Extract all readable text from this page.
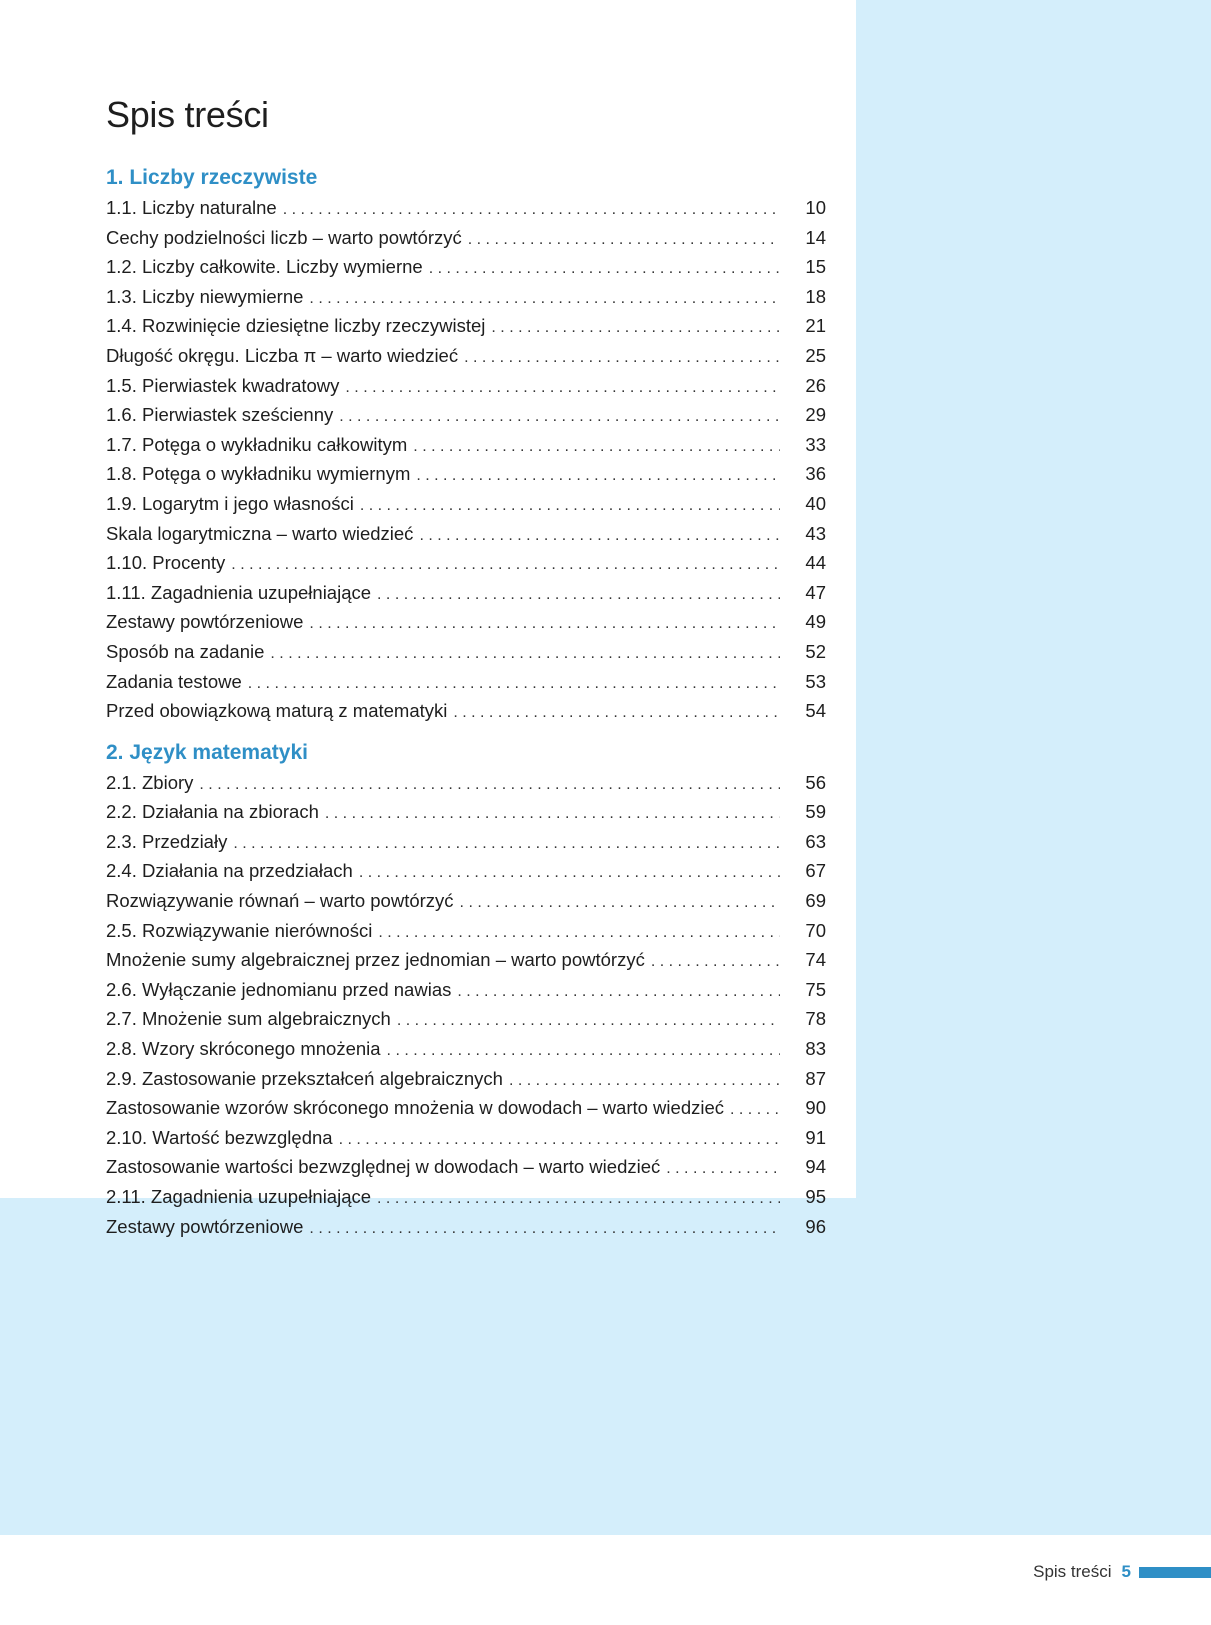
Spis treści
1. Liczby rzeczywiste
1.1. Liczby naturalne . . .	10
Cechy podzielności liczb – warto powtórzyć . . .	14
1.2. Liczby całkowite. Liczby wymierne . . .	15
1.3. Liczby niewymierne . . .	18
1.4. Rozwinięcie dziesiętne liczby rzeczywistej . . .	21
Długość okręgu. Liczba π – warto wiedzieć . . .	25
1.5. Pierwiastek kwadratowy . . .	26
1.6. Pierwiastek sześcienny . . .	29
1.7. Potęga o wykładniku całkowitym . . .	33
1.8. Potęga o wykładniku wymiernym . . .	36
1.9. Logarytm i jego własności . . .	40
Skala logarytmiczna – warto wiedzieć . . .	43
1.10. Procenty . . .	44
1.11. Zagadnienia uzupełniające . . .	47
Zestawy powtórzeniowe . . .	49
Sposób na zadanie . . .	52
Zadania testowe . . .	53
Przed obowiązkową maturą z matematyki . . .	54
2. Język matematyki
2.1. Zbiory . . .	56
2.2. Działania na zbiorach . . .	59
2.3. Przedziały . . .	63
2.4. Działania na przedziałach . . .	67
Rozwiązywanie równań – warto powtórzyć . . .	69
2.5. Rozwiązywanie nierówności . . .	70
Mnożenie sumy algebraicznej przez jednomian – warto powtórzyć . . .	74
2.6. Wyłączanie jednomianu przed nawias . . .	75
2.7. Mnożenie sum algebraicznych . . .	78
2.8. Wzory skróconego mnożenia . . .	83
2.9. Zastosowanie przekształceń algebraicznych . . .	87
Zastosowanie wzorów skróconego mnożenia w dowodach – warto wiedzieć . . .	90
2.10. Wartość bezwzględna . . .	91
Zastosowanie wartości bezwzględnej w dowodach – warto wiedzieć . . .	94
2.11. Zagadnienia uzupełniające . . .	95
Zestawy powtórzeniowe . . .	96
Spis treści 5
